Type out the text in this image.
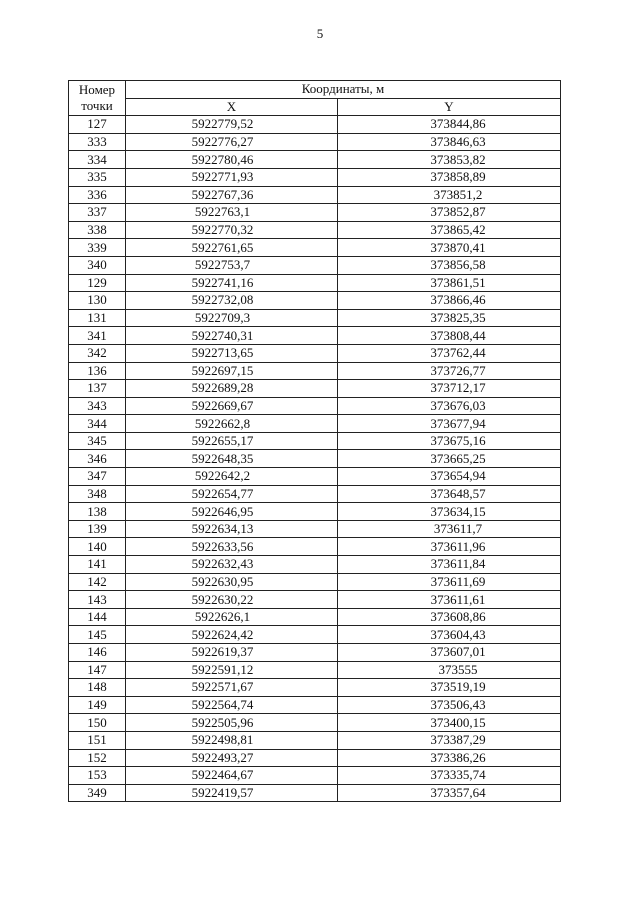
5
Номер
точки	Координаты, м	
	X	Y
127	5922779,52	373844,86
333	5922776,27	373846,63
334	5922780,46	373853,82
335	5922771,93	373858,89
336	5922767,36	373851,2
337	5922763,1	373852,87
338	5922770,32	373865,42
339	5922761,65	373870,41
340	5922753,7	373856,58
129	5922741,16	373861,51
130	5922732,08	373866,46
131	5922709,3	373825,35
341	5922740,31	373808,44
342	5922713,65	373762,44
136	5922697,15	373726,77
137	5922689,28	373712,17
343	5922669,67	373676,03
344	5922662,8	373677,94
345	5922655,17	373675,16
346	5922648,35	373665,25
347	5922642,2	373654,94
348	5922654,77	373648,57
138	5922646,95	373634,15
139	5922634,13	373611,7
140	5922633,56	373611,96
141	5922632,43	373611,84
142	5922630,95	373611,69
143	5922630,22	373611,61
144	5922626,1	373608,86
145	5922624,42	373604,43
146	5922619,37	373607,01
147	5922591,12	373555
148	5922571,67	373519,19
149	5922564,74	373506,43
150	5922505,96	373400,15
151	5922498,81	373387,29
152	5922493,27	373386,26
153	5922464,67	373335,74
349	5922419,57	373357,64
